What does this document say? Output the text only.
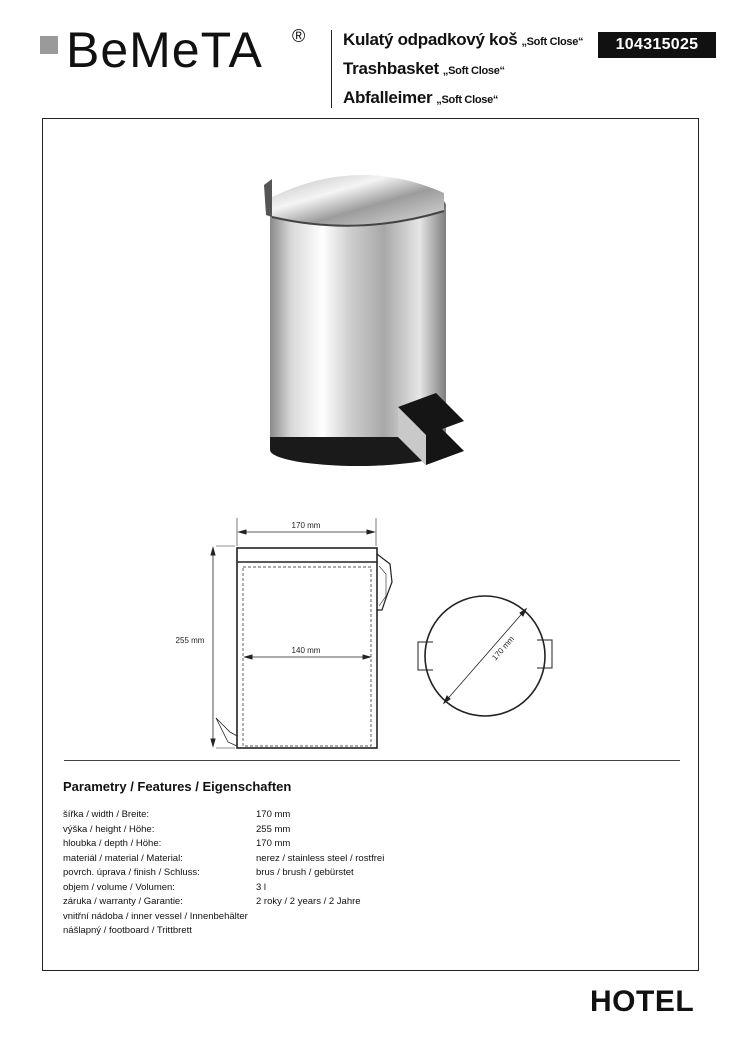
BeMeTA ® Kulatý odpadkový koš „Soft Close“
Trashbasket „Soft Close“
Abfalleimer „Soft Close“
104315025
170 mm
255 mm
140 mm	170 mm
Parametry / Features / Eigenschaften
šířka / width / Breite:	170 mm
výška / height / Höhe:	255 mm
hloubka / depth / Höhe:	170 mm
materiál / material / Material:	nerez / stainless steel / rostfrei
povrch. úprava / finish / Schluss:	brus / brush / gebürstet
objem / volume / Volumen:	3 l
záruka / warranty / Garantie:	2 roky / 2 years / 2 Jahre
vnitřní nádoba / inner vessel / Innenbehälter
nášlapný / footboard / Trittbrett
HOTEL
